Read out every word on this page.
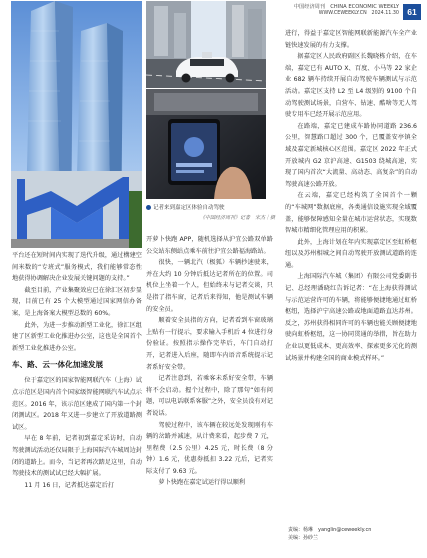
中国经济周刊　CHINA ECONOMIC WEEKLY
WWW.CEWEEKLY.CN　2024.11.30 61
记者来到嘉定区体验自动驾驶
《中国经济周刊》记者　宋杰｜摄

平台还在短时间内实现了迭代升级，通过構建空间米数的“专班式”服务模式，我们能够常态性地获得协调解决企业发展关键问题的支持。”

截至目前，产业集聚效应已在徐汇区初步显现，目前已有 25 个大模型通过国家网信办备案，是上海备案大模型总数的 60%。

此外，为进一步推动新型工业化，徐汇区组建了区新型工业化推进办公室，这也是全国首个新型工业化推进办公室。

车、路、云一体化加速发展

位于嘉定区的国家智能网联汽车（上海）试点示范区是国内首个国家级智能网联汽车试点示范区。2016 年，该示范区建成了国内第一个封闭测试区。2018 年又进一步建立了开放道路测试区。

早在 8 年前，记者初到嘉定采访时，自动驾驶测试活动还仅局限于上海国际汽车城周边封闭的道路上。而今，当记者再次踏足这里，自动驾驶技术的测试试已经大幅扩展。

11 月 16 日，记者抵达嘉定后打

开萝卜快跑 APP，随机选择从沪宜公路双单路公交站东侧站点乘车前往沪宜公路福海路站。

很快，一辆北汽（极狐）车辆抄速驶来，并在大约 10 分钟后抵达记者所在的位置。司机位上坐着一个人，但始终未与记者交谈，只是指了指车窗，记者后来得知，他是测试车辆的安全员。

顺着安全员指的方向，记者看到车窗玻璃上贴有一行提示，要求输入手机后 4 位进行身份验证。按照指示操作完毕后，车门自动打开，记者进入后座，随即车内语音系统提示记者系好安全带。

记者注意到，若乘客未系好安全带，车辆将不会启动。握个过程中，除了那句“如有问题，可以电话联系客服”之外，安全员没有对记者说话。

驾驶过程中，该车辆在较远处发现刚有车辆的岔路并减速，从计费来看，起步费 7 元，里程费（2.5 公里）4.25 元，时长费（8 分钟）1.6 元，优惠券抵扣 3.22 元后，记者实际支付了 9.63 元。

萝卜快跑在嘉定试运行得以顺利

进行，得益于嘉定区智能网联新能源汽车全产业链快速发展的有力支撑。

据嘉定区人民政府副区长魏晓栋介绍，在车端，嘉定已有 AUTO X、百度、小马等 22 家企业 682 辆车持续开展自动驾驶车辆测试与示范活动。嘉定区支持 L2 至 L4 级别的 9100 个自动驾驶测试场景，自营车、钻速、酷啥等无人驾驶专用车已经开展示范应用。

在路端，嘉定已建成车路协同道路 236.6 公里，智慧路口超过 300 个，已覆盖安亭镇全域及嘉定新城核心区范围。嘉定区 2022 年正式开放城内 G2 京沪高速、G1503 绕城高速，实现了国内首次“大流量、高动态、高复杂”的自动驾驶高速公路开放。

在云端，嘉定已经构筑了全国首个一颗的“车城网”数据底座，各类通信设施实现全域覆盖，能够保障感知全量在城市运营状态，实现数智城市精细化管理应用的积累。

此外，上海计划在年内实现嘉定区至虹桥枢纽以及苏州相城之间自动驾驶开放测试道路的连通。

上海国际汽车城（集团）有限公司党委副书记、总经理潘晓红告诉记者：“在上海获得测试与示范运营许可的车辆，将能够便捷地通过虹桥枢纽，选择沪宁高速公路或地面道路直达苏州。反之，苏州获得相同许可的车辆也能关顾便捷地驶向虹桥枢纽，这一协同贯通的举措，旨在助力企业以更低成本、更高效率、探索更多元化的测试场景并构建全国的商业模式样环。”

责编：杨琳　yanglin@ceweekly.cn
美编：孙砂兰
